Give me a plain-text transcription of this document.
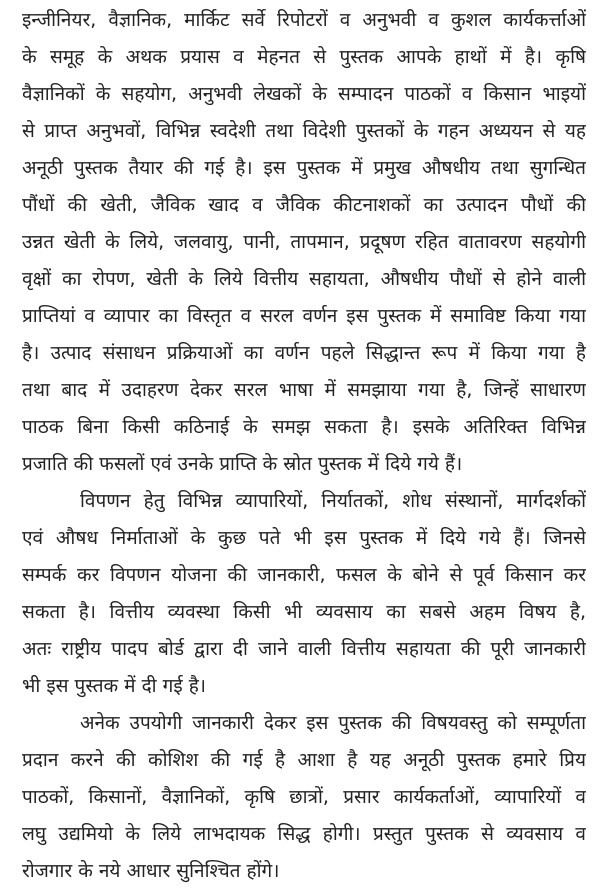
इन्जीनियर, वैज्ञानिक, मार्किट सर्वे रिपोटरों व अनुभवी व कुशल कार्यकर्त्ताओं
के समूह के अथक प्रयास व मेहनत से पुस्तक आपके हाथों में है। कृषि
वैज्ञानिकों के सहयोग, अनुभवी लेखकों के सम्पादन पाठकों व किसान भाइयों
से प्राप्त अनुभवों, विभिन्न स्वदेशी तथा विदेशी पुस्तकों के गहन अध्ययन से यह
अनूठी पुस्तक तैयार की गई है। इस पुस्तक में प्रमुख औषधीय तथा सुगन्धित
पौंधों की खेती, जैविक खाद व जैविक कीटनाशकों का उत्पादन पौधों की
उन्नत खेती के लिये, जलवायु, पानी, तापमान, प्रदूषण रहित वातावरण सहयोगी
वृक्षों का रोपण, खेती के लिये वित्तीय सहायता, औषधीय पौधों से होने वाली
प्राप्तियां व व्यापार का विस्तृत व सरल वर्णन इस पुस्तक में समाविष्ट किया गया
है। उत्पाद संसाधन प्रक्रियाओं का वर्णन पहले सिद्धान्त रूप में किया गया है
तथा बाद में उदाहरण देकर सरल भाषा में समझाया गया है, जिन्हें साधारण
पाठक बिना किसी कठिनाई के समझ सकता है। इसके अतिरिक्त विभिन्न
प्रजाति की फसलों एवं उनके प्राप्ति के स्रोत पुस्तक में दिये गये हैं।
विपणन हेतु विभिन्न व्यापारियों, निर्यातकों, शोध संस्थानों, मार्गदर्शकों
एवं औषध निर्माताओं के कुछ पते भी इस पुस्तक में दिये गये हैं। जिनसे
सम्पर्क कर विपणन योजना की जानकारी, फसल के बोने से पूर्व किसान कर
सकता है। वित्तीय व्यवस्था किसी भी व्यवसाय का सबसे अहम विषय है,
अतः राष्ट्रीय पादप बोर्ड द्वारा दी जाने वाली वित्तीय सहायता की पूरी जानकारी
भी इस पुस्तक में दी गई है।
अनेक उपयोगी जानकारी देकर इस पुस्तक की विषयवस्तु को सम्पूर्णता
प्रदान करने की कोशिश की गई है आशा है यह अनूठी पुस्तक हमारे प्रिय
पाठकों, किसानों, वैज्ञानिकों, कृषि छात्रों, प्रसार कार्यकर्ताओं, व्यापारियों व
लघु उद्यमियो के लिये लाभदायक सिद्ध होगी। प्रस्तुत पुस्तक से व्यवसाय व
रोजगार के नये आधार सुनिश्चित होंगे।
